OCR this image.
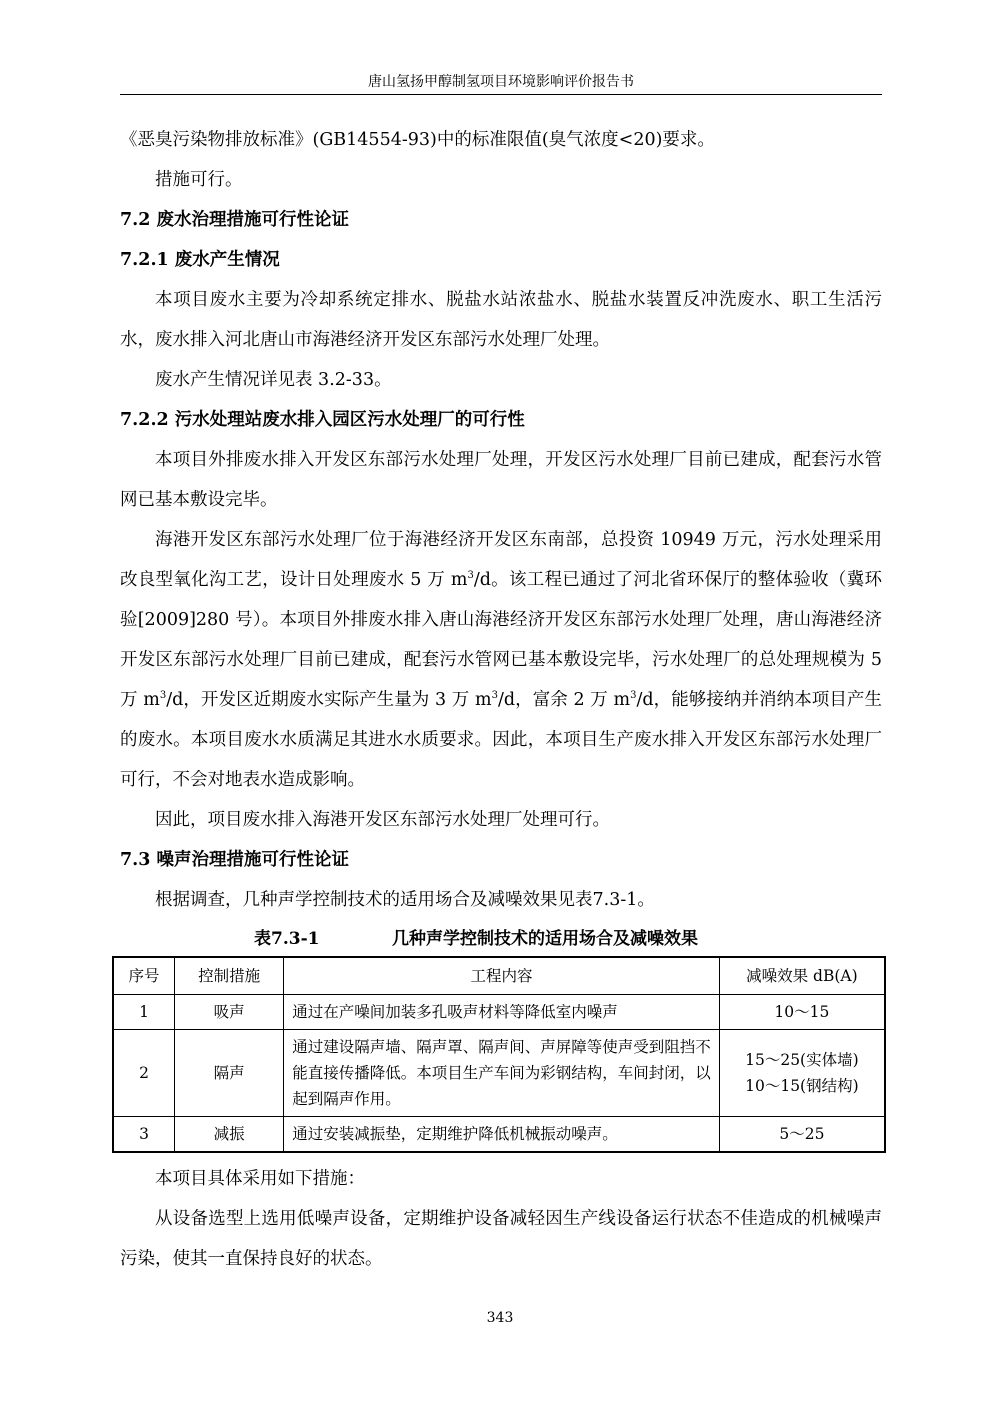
唐山氢扬甲醇制氢项目环境影响评价报告书

《恶臭污染物排放标准》(GB14554-93)中的标准限值(臭气浓度<20)要求。

措施可行。

7.2 废水治理措施可行性论证

7.2.1 废水产生情况

本项目废水主要为冷却系统定排水、脱盐水站浓盐水、脱盐水装置反冲洗废水、职工生活污水，废水排入河北唐山市海港经济开发区东部污水处理厂处理。

废水产生情况详见表 3.2-33。

7.2.2 污水处理站废水排入园区污水处理厂的可行性

本项目外排废水排入开发区东部污水处理厂处理，开发区污水处理厂目前已建成，配套污水管网已基本敷设完毕。

海港开发区东部污水处理厂位于海港经济开发区东南部，总投资 10949 万元，污水处理采用改良型氧化沟工艺，设计日处理废水 5 万 $m^3/d$。该工程已通过了河北省环保厅的整体验收（冀环验[2009]280 号）。本项目外排废水排入唐山海港经济开发区东部污水处理厂处理，唐山海港经济开发区东部污水处理厂目前已建成，配套污水管网已基本敷设完毕，污水处理厂的总处理规模为 5 万 $m^3/d$，开发区近期废水实际产生量为 3 万 $m^3/d$，富余 2 万 $m^3/d$，能够接纳并消纳本项目产生的废水。本项目废水水质满足其进水水质要求。因此，本项目生产废水排入开发区东部污水处理厂可行，不会对地表水造成影响。

因此，项目废水排入海港开发区东部污水处理厂处理可行。

7.3 噪声治理措施可行性论证

根据调查，几种声学控制技术的适用场合及减噪效果见表7.3-1。

表7.3-1	几种声学控制技术的适用场合及减噪效果
序号	控制措施	工程内容	减噪效果 dB(A)
1	吸声	通过在产噪间加装多孔吸声材料等降低室内噪声	10～15

2	隔声	通过建设隔声墙、隔声罩、隔声间、声屏障等使声受到阻挡不能直接传播降低。本项目生产车间为彩钢结构，车间封闭，以起到隔声作用。	15～25(实体墙)
10～15(钢结构)

3	减振	通过安装减振垫，定期维护降低机械振动噪声。	5～25

本项目具体采用如下措施：

从设备选型上选用低噪声设备，定期维护设备减轻因生产线设备运行状态不佳造成的机械噪声污染，使其一直保持良好的状态。

343
